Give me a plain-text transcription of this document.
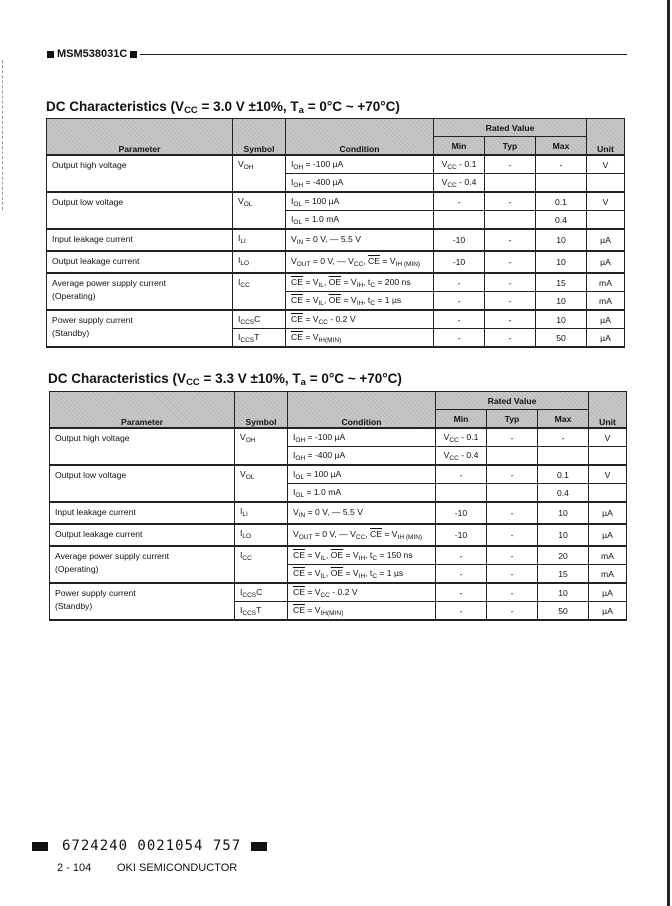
MSM538031C
DC Characteristics ($V_{CC} = 3.0$ V ±10%, $T_a = 0^\circ C$ ~ +70°C)
Parameter	Symbol	Condition	Rated Value			Unit
			Min	Typ	Max	
Output high voltage	$V_{OH}$	$I_{OH} = -100$ µA	$V_{CC} - 0.1$	-	-	V
		$I_{OH} = -400$ µA	$V_{CC} - 0.4$			
Output low voltage	$V_{OL}$	$I_{OL} = 100$ µA	-	-	0.1	V
		$I_{OL} = 1.0$ mA			0.4	
Input leakage current	$I_{LI}$	$V_{IN} = 0$ V, — 5.5 V	-10	-	10	µA
Output leakage current	$I_{LO}$	$V_{OUT} = 0$ V, — $V_{CC}$, $\overline{CE} = V_{IH (MIN)}$	-10	-	10	µA
Average power supply current
(Operating)	$I_{CC}$	$\overline{CE} = V_{IL}$, $\overline{OE} = V_{IH}$, $t_C = 200$ ns	-	-	15	mA
		$\overline{CE} = V_{IL}$, $\overline{OE} = V_{IH}$, $t_C = 1$ µs	-	-	10	mA
Power supply current
(Standby)	$I_{CCS}C$	$\overline{CE} = V_{CC} - 0.2$ V	-	-	10	µA
	$I_{CCS}T$	$\overline{CE} = V_{IH(MIN)}$	-	-	50	µA
DC Characteristics ($V_{CC} = 3.3$ V ±10%, $T_a = 0^\circ C$ ~ +70°C)
Parameter	Symbol	Condition	Rated Value			Unit
			Min	Typ	Max	
Output high voltage	$V_{OH}$	$I_{OH} = -100$ µA	$V_{CC} - 0.1$	-	-	V
		$I_{OH} = -400$ µA	$V_{CC} - 0.4$			
Output low voltage	$V_{OL}$	$I_{OL} = 100$ µA	-	-	0.1	V
		$I_{OL} = 1.0$ mA			0.4	
Input leakage current	$I_{LI}$	$V_{IN} = 0$ V, — 5.5 V	-10	-	10	µA
Output leakage current	$I_{LO}$	$V_{OUT} = 0$ V, — $V_{CC}$, $\overline{CE} = V_{IH (MIN)}$	-10	-	10	µA
Average power supply current
(Operating)	$I_{CC}$	$\overline{CE} = V_{IL}$, $\overline{OE} = V_{IH}$, $t_C = 150$ ns	-	-	20	mA
		$\overline{CE} = V_{IL}$, $\overline{OE} = V_{IH}$, $t_C = 1$ µs	-	-	15	mA
Power supply current
(Standby)	$I_{CCS}C$	$\overline{CE} = V_{CC} - 0.2$ V	-	-	10	µA
	$I_{CCS}T$	$\overline{CE} = V_{IH(MIN)}$	-	-	50	µA
6724240 0021054 757
2 - 104	OKI SEMICONDUCTOR
